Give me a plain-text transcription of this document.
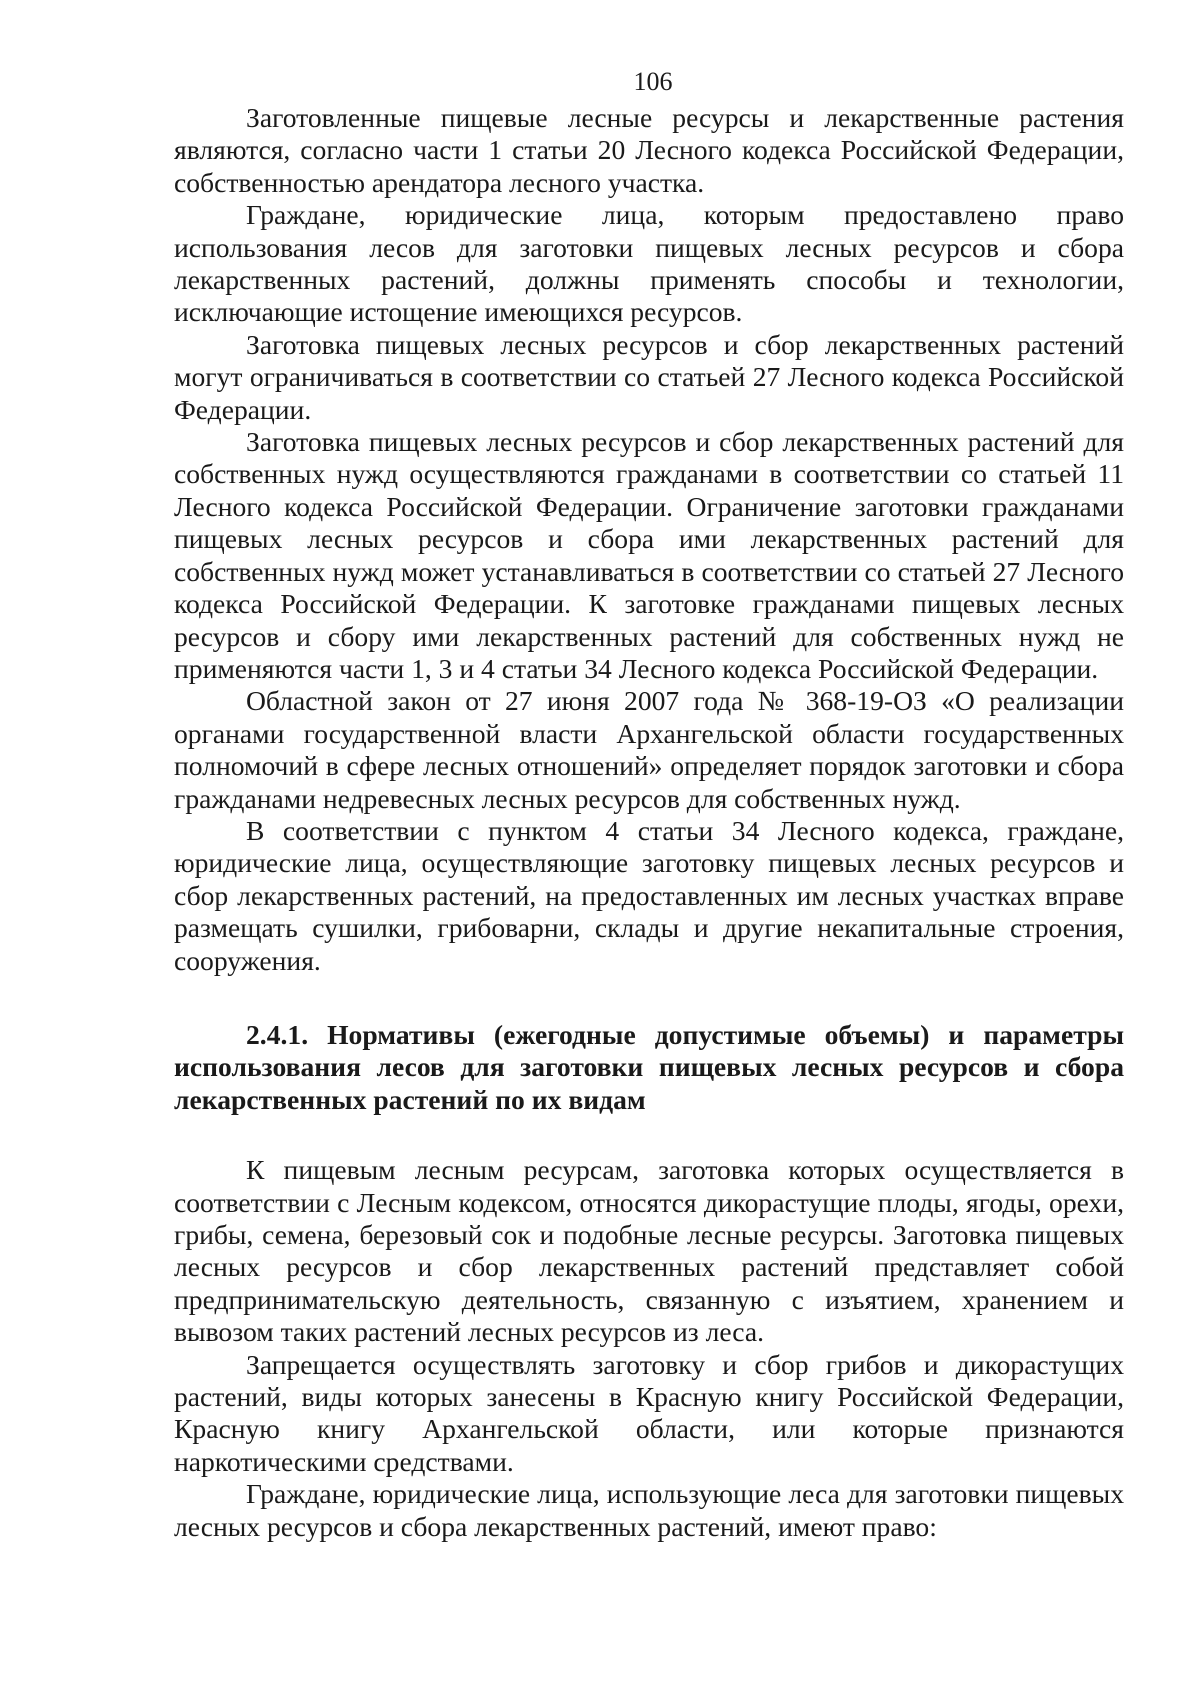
106

Заготовленные пищевые лесные ресурсы и лекарственные растения являются, согласно части 1 статьи 20 Лесного кодекса Российской Федерации, собственностью арендатора лесного участка.

Граждане, юридические лица, которым предоставлено право использования лесов для заготовки пищевых лесных ресурсов и сбора лекарственных растений, должны применять способы и технологии, исключающие истощение имеющихся ресурсов.

Заготовка пищевых лесных ресурсов и сбор лекарственных растений могут ограничиваться в соответствии со статьей 27 Лесного кодекса Российской Федерации.

Заготовка пищевых лесных ресурсов и сбор лекарственных растений для собственных нужд осуществляются гражданами в соответствии со статьей 11 Лесного кодекса Российской Федерации. Ограничение заготовки гражданами пищевых лесных ресурсов и сбора ими лекарственных растений для собственных нужд может устанавливаться в соответствии со статьей 27 Лесного кодекса Российской Федерации. К заготовке гражданами пищевых лесных ресурсов и сбору ими лекарственных растений для собственных нужд не применяются части 1, 3 и 4 статьи 34 Лесного кодекса Российской Федерации.

Областной закон от 27 июня 2007 года № 368-19-ОЗ «О реализации органами государственной власти Архангельской области государственных полномочий в сфере лесных отношений» определяет порядок заготовки и сбора гражданами недревесных лесных ресурсов для собственных нужд.

В соответствии с пунктом 4 статьи 34 Лесного кодекса, граждане, юридические лица, осуществляющие заготовку пищевых лесных ресурсов и сбор лекарственных растений, на предоставленных им лесных участках вправе размещать сушилки, грибоварни, склады и другие некапитальные строения, сооружения.

2.4.1. Нормативы (ежегодные допустимые объемы) и параметры использования лесов для заготовки пищевых лесных ресурсов и сбора лекарственных растений по их видам

К пищевым лесным ресурсам, заготовка которых осуществляется в соответствии с Лесным кодексом, относятся дикорастущие плоды, ягоды, орехи, грибы, семена, березовый сок и подобные лесные ресурсы. Заготовка пищевых лесных ресурсов и сбор лекарственных растений представляет собой предпринимательскую деятельность, связанную с изъятием, хранением и вывозом таких растений лесных ресурсов из леса.

Запрещается осуществлять заготовку и сбор грибов и дикорастущих растений, виды которых занесены в Красную книгу Российской Федерации, Красную книгу Архангельской области, или которые признаются наркотическими средствами.

Граждане, юридические лица, использующие леса для заготовки пищевых лесных ресурсов и сбора лекарственных растений, имеют право:
